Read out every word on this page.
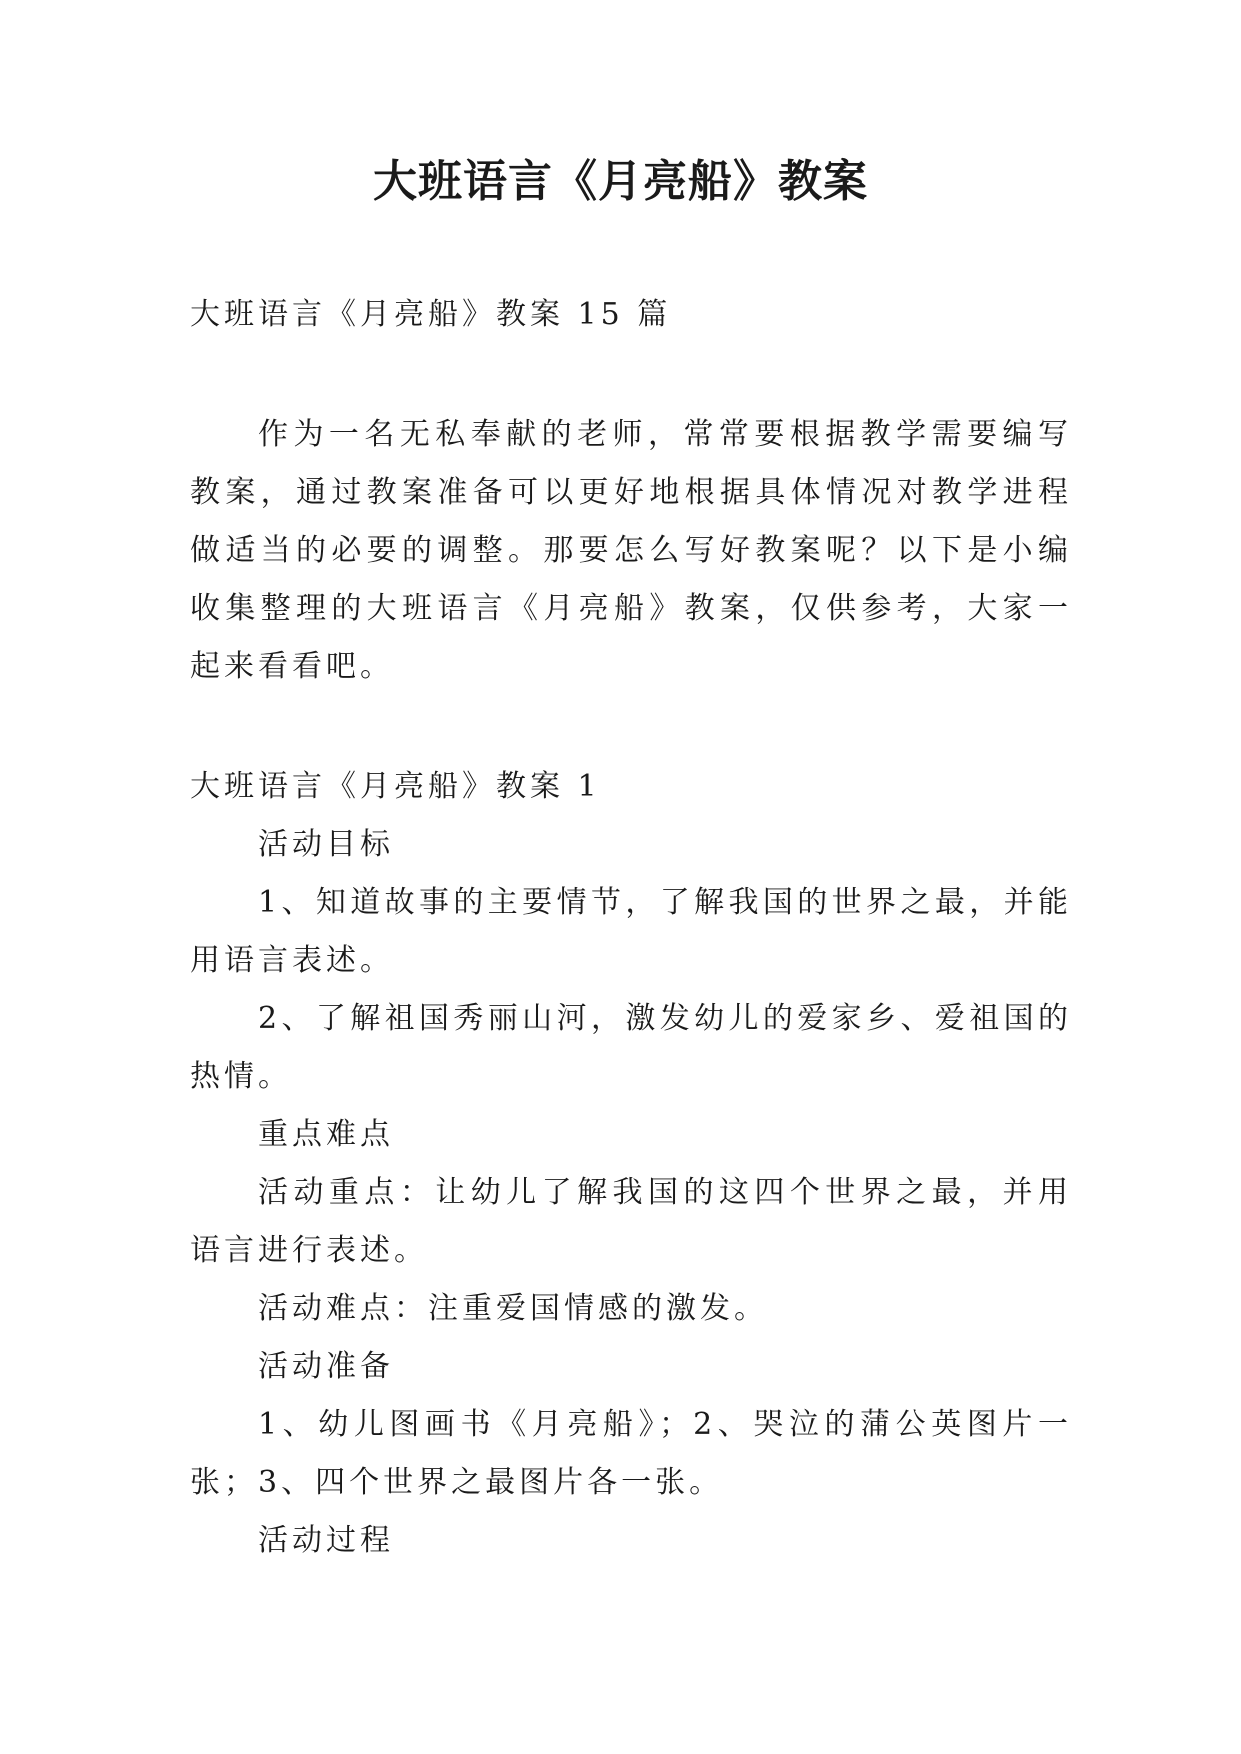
大班语言《月亮船》教案

大班语言《月亮船》教案 15 篇

作为一名无私奉献的老师，常常要根据教学需要编写教案，通过教案准备可以更好地根据具体情况对教学进程做适当的必要的调整。那要怎么写好教案呢？以下是小编收集整理的大班语言《月亮船》教案，仅供参考，大家一起来看看吧。

大班语言《月亮船》教案 1

活动目标

1、知道故事的主要情节，了解我国的世界之最，并能用语言表述。

2、了解祖国秀丽山河，激发幼儿的爱家乡、爱祖国的热情。

重点难点

活动重点：让幼儿了解我国的这四个世界之最，并用语言进行表述。

活动难点：注重爱国情感的激发。

活动准备

1、幼儿图画书《月亮船》；2、哭泣的蒲公英图片一张；3、四个世界之最图片各一张。

活动过程
